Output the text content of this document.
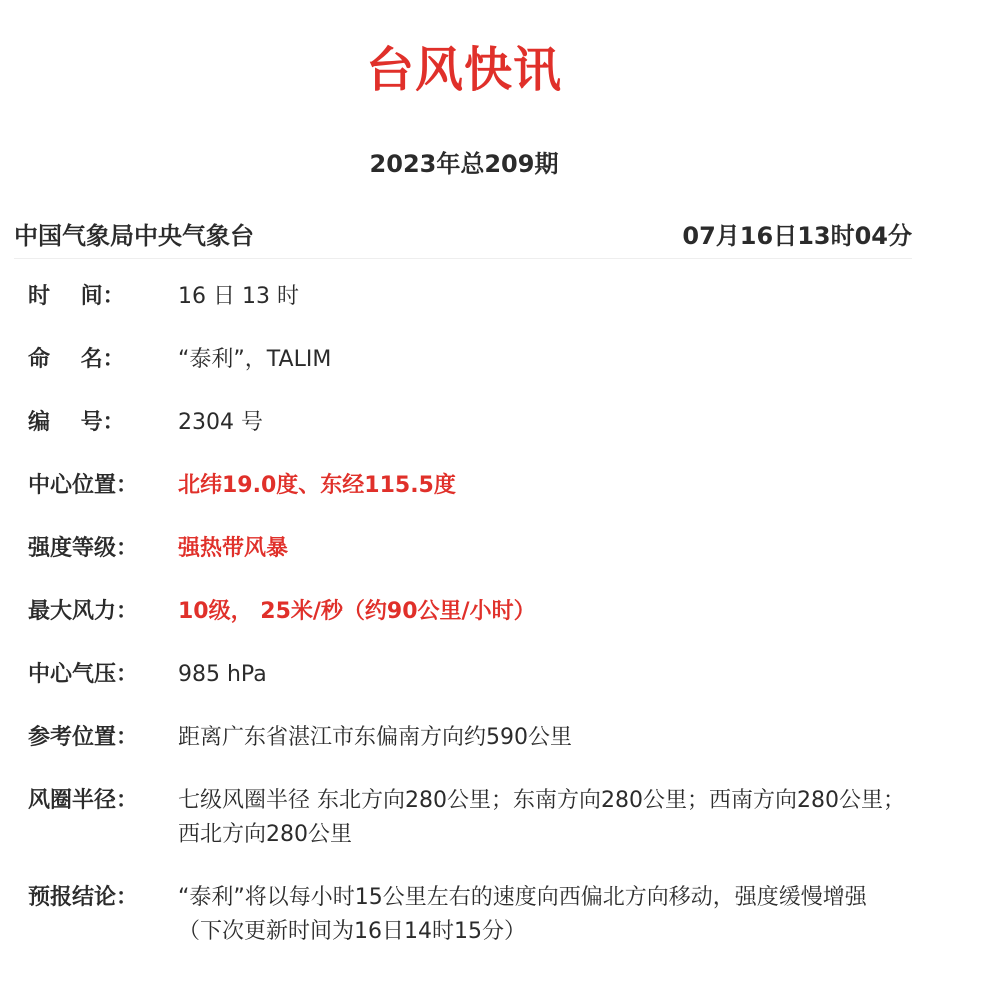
台风快讯
2023年总209期
中国气象局中央气象台	07月16日13时04分
时    间：	16 日 13 时
命    名：	“泰利”，TALIM
编    号：	2304 号
中心位置：	北纬19.0度、东经115.5度
强度等级：	强热带风暴
最大风力：	10级， 25米/秒（约90公里/小时）
中心气压：	985 hPa
参考位置：	距离广东省湛江市东偏南方向约590公里
风圈半径：	七级风圈半径 东北方向280公里；东南方向280公里；西南方向280公里；西北方向280公里
预报结论：	“泰利”将以每小时15公里左右的速度向西偏北方向移动，强度缓慢增强
（下次更新时间为16日14时15分）
